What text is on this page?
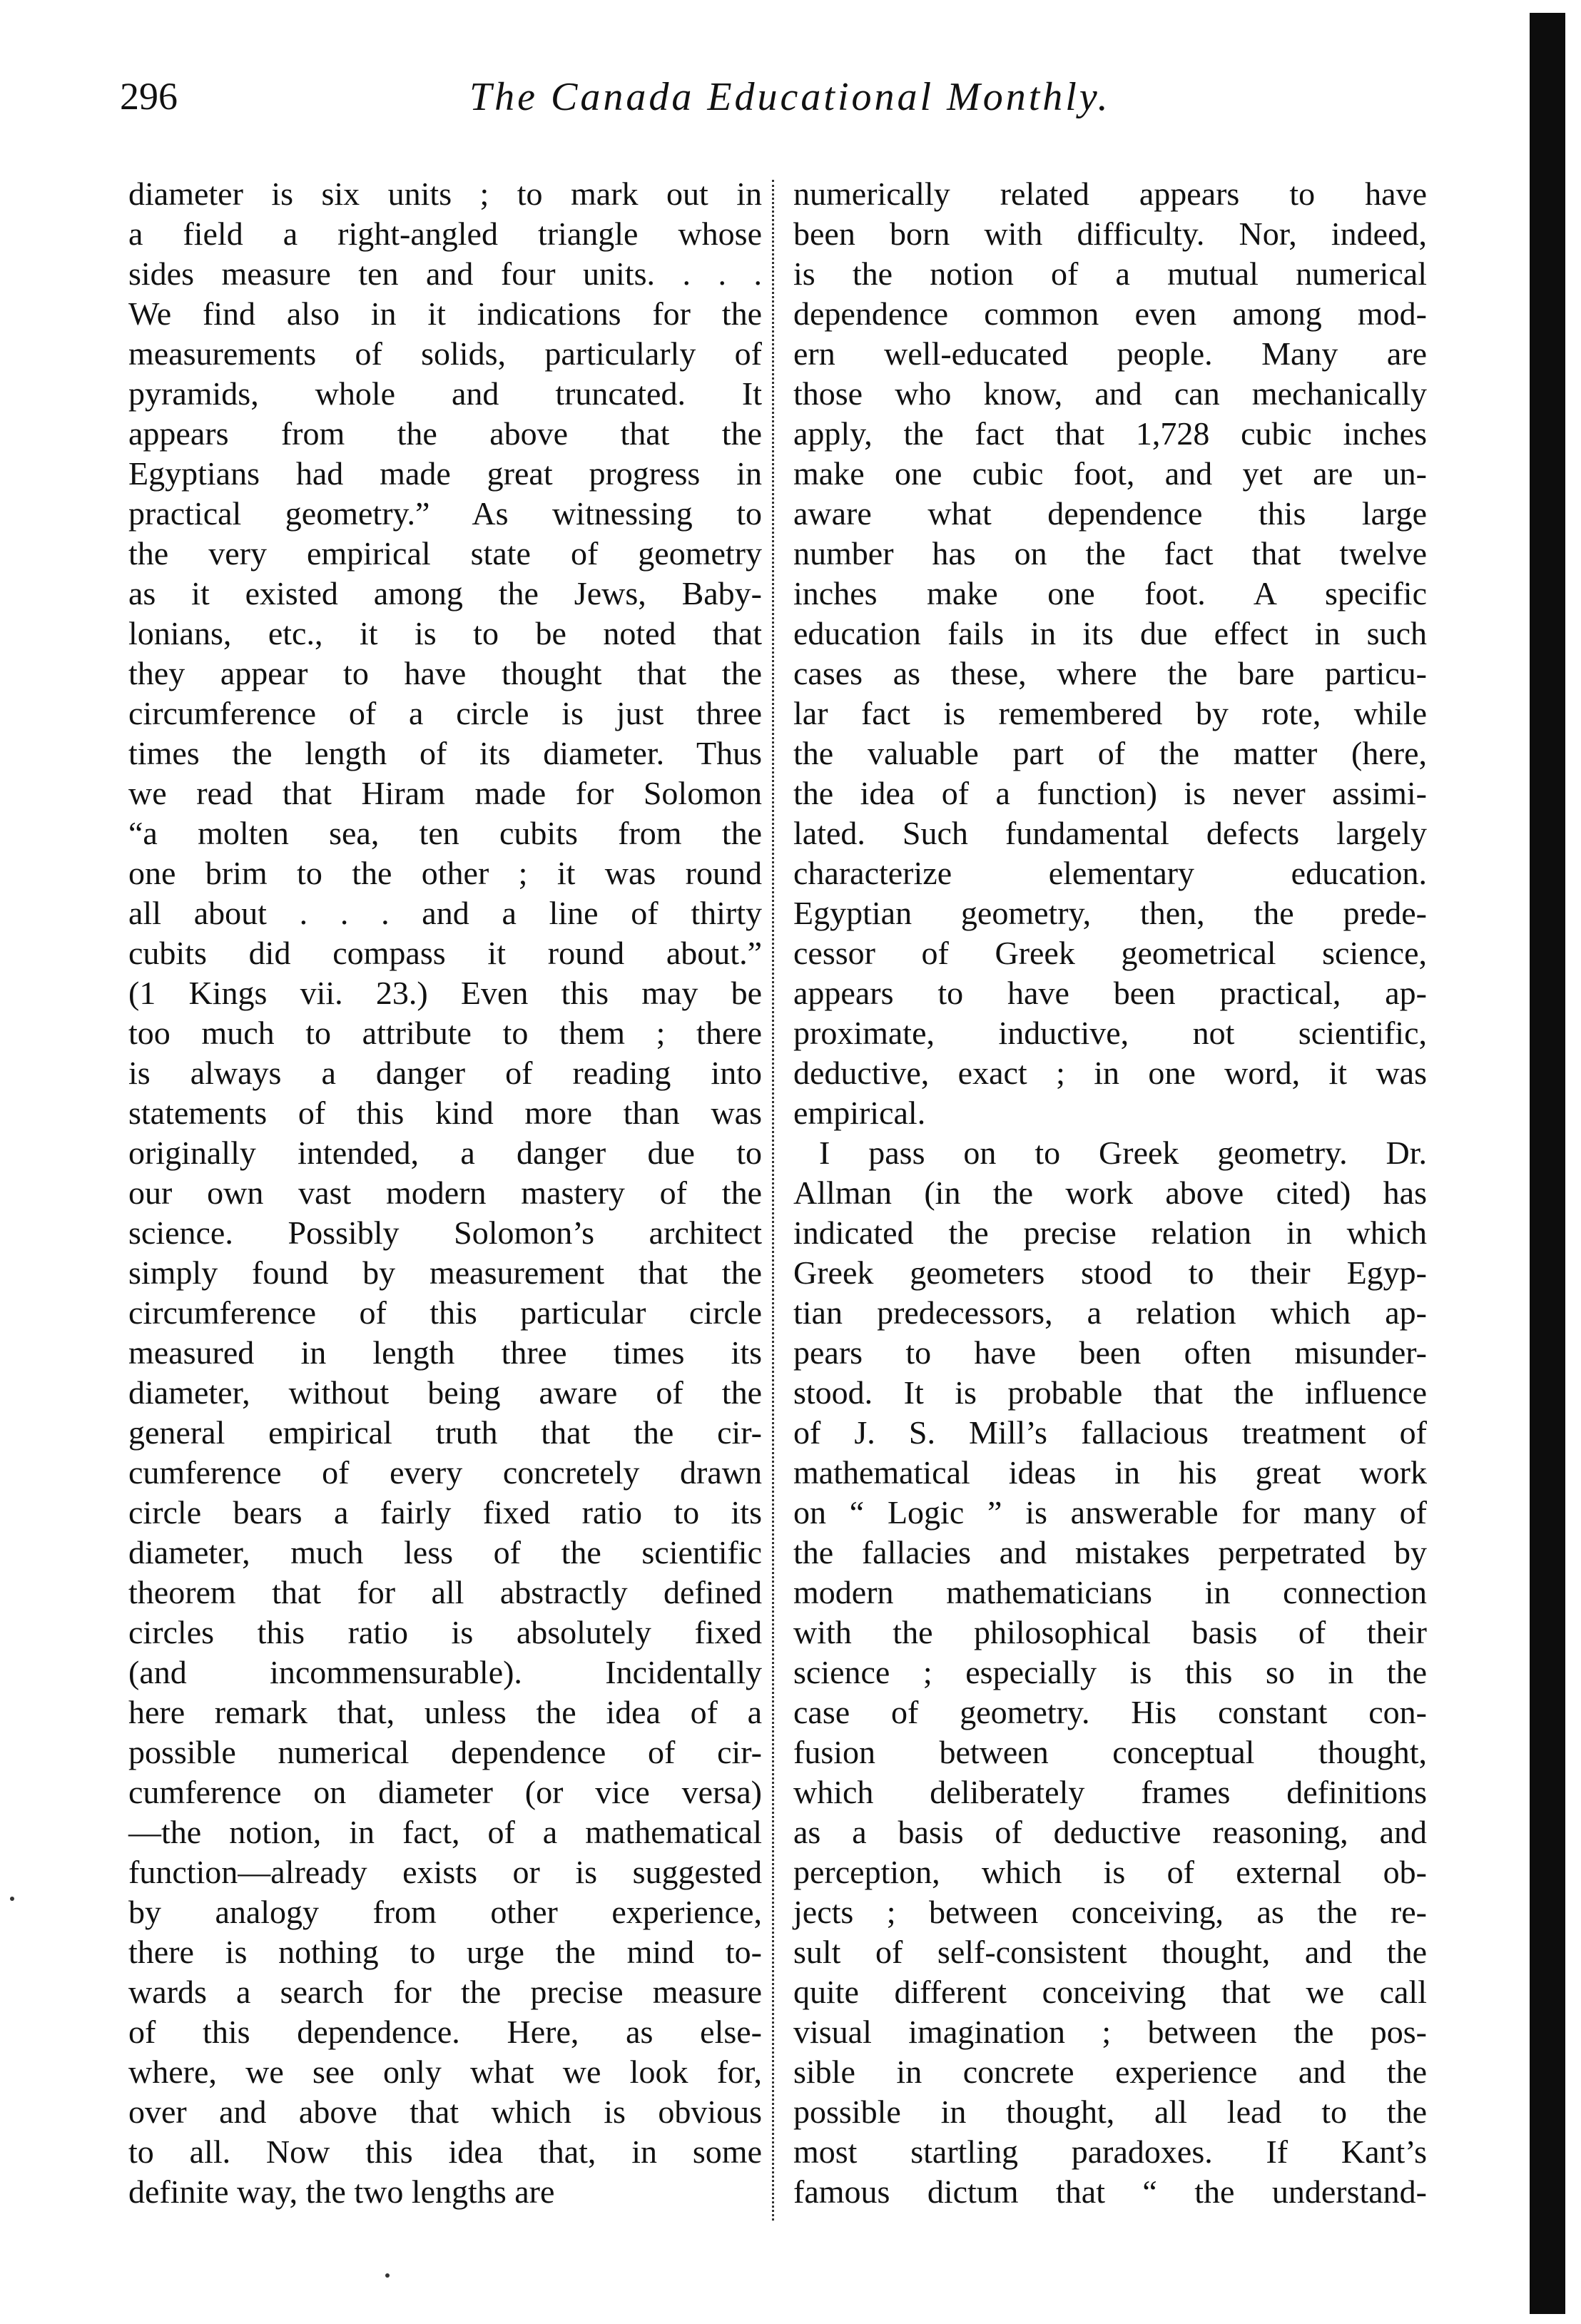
296	The Canada Educational Monthly.
diameter is six units ; to mark out in
a field a right-angled triangle whose
sides measure ten and four units. . . .
We find also in it indications for the
measurements of solids, particularly of
pyramids, whole and truncated. It
appears from the above that the
Egyptians had made great progress in
practical geometry.” As witnessing to
the very empirical state of geometry
as it existed among the Jews, Baby-
lonians, etc., it is to be noted that
they appear to have thought that the
circumference of a circle is just three
times the length of its diameter. Thus
we read that Hiram made for Solomon
“a molten sea, ten cubits from the
one brim to the other ; it was round
all about . . . and a line of thirty
cubits did compass it round about.”
(1 Kings vii. 23.) Even this may be
too much to attribute to them ; there
is always a danger of reading into
statements of this kind more than was
originally intended, a danger due to
our own vast modern mastery of the
science. Possibly Solomon’s architect
simply found by measurement that the
circumference of this particular circle
measured in length three times its
diameter, without being aware of the
general empirical truth that the cir-
cumference of every concretely drawn
circle bears a fairly fixed ratio to its
diameter, much less of the scientific
theorem that for all abstractly defined
circles this ratio is absolutely fixed
(and incommensurable). Incidentally
here remark that, unless the idea of a
possible numerical dependence of cir-
cumference on diameter (or vice versa)
—the notion, in fact, of a mathematical
function—already exists or is suggested
by analogy from other experience,
there is nothing to urge the mind to-
wards a search for the precise measure
of this dependence. Here, as else-
where, we see only what we look for,
over and above that which is obvious
to all. Now this idea that, in some
definite way, the two lengths are
numerically related appears to have
been born with difficulty. Nor, indeed,
is the notion of a mutual numerical
dependence common even among mod-
ern well-educated people. Many are
those who know, and can mechanically
apply, the fact that 1,728 cubic inches
make one cubic foot, and yet are un-
aware what dependence this large
number has on the fact that twelve
inches make one foot. A specific
education fails in its due effect in such
cases as these, where the bare particu-
lar fact is remembered by rote, while
the valuable part of the matter (here,
the idea of a function) is never assimi-
lated. Such fundamental defects largely
characterize elementary education.
Egyptian geometry, then, the prede-
cessor of Greek geometrical science,
appears to have been practical, ap-
proximate, inductive, not scientific,
deductive, exact ; in one word, it was
empirical.
I pass on to Greek geometry. Dr.
Allman (in the work above cited) has
indicated the precise relation in which
Greek geometers stood to their Egyp-
tian predecessors, a relation which ap-
pears to have been often misunder-
stood. It is probable that the influence
of J. S. Mill’s fallacious treatment of
mathematical ideas in his great work
on “ Logic ” is answerable for many of
the fallacies and mistakes perpetrated by
modern mathematicians in connection
with the philosophical basis of their
science ; especially is this so in the
case of geometry. His constant con-
fusion between conceptual thought,
which deliberately frames definitions
as a basis of deductive reasoning, and
perception, which is of external ob-
jects ; between conceiving, as the re-
sult of self-consistent thought, and the
quite different conceiving that we call
visual imagination ; between the pos-
sible in concrete experience and the
possible in thought, all lead to the
most startling paradoxes. If Kant’s
famous dictum that “ the understand-
